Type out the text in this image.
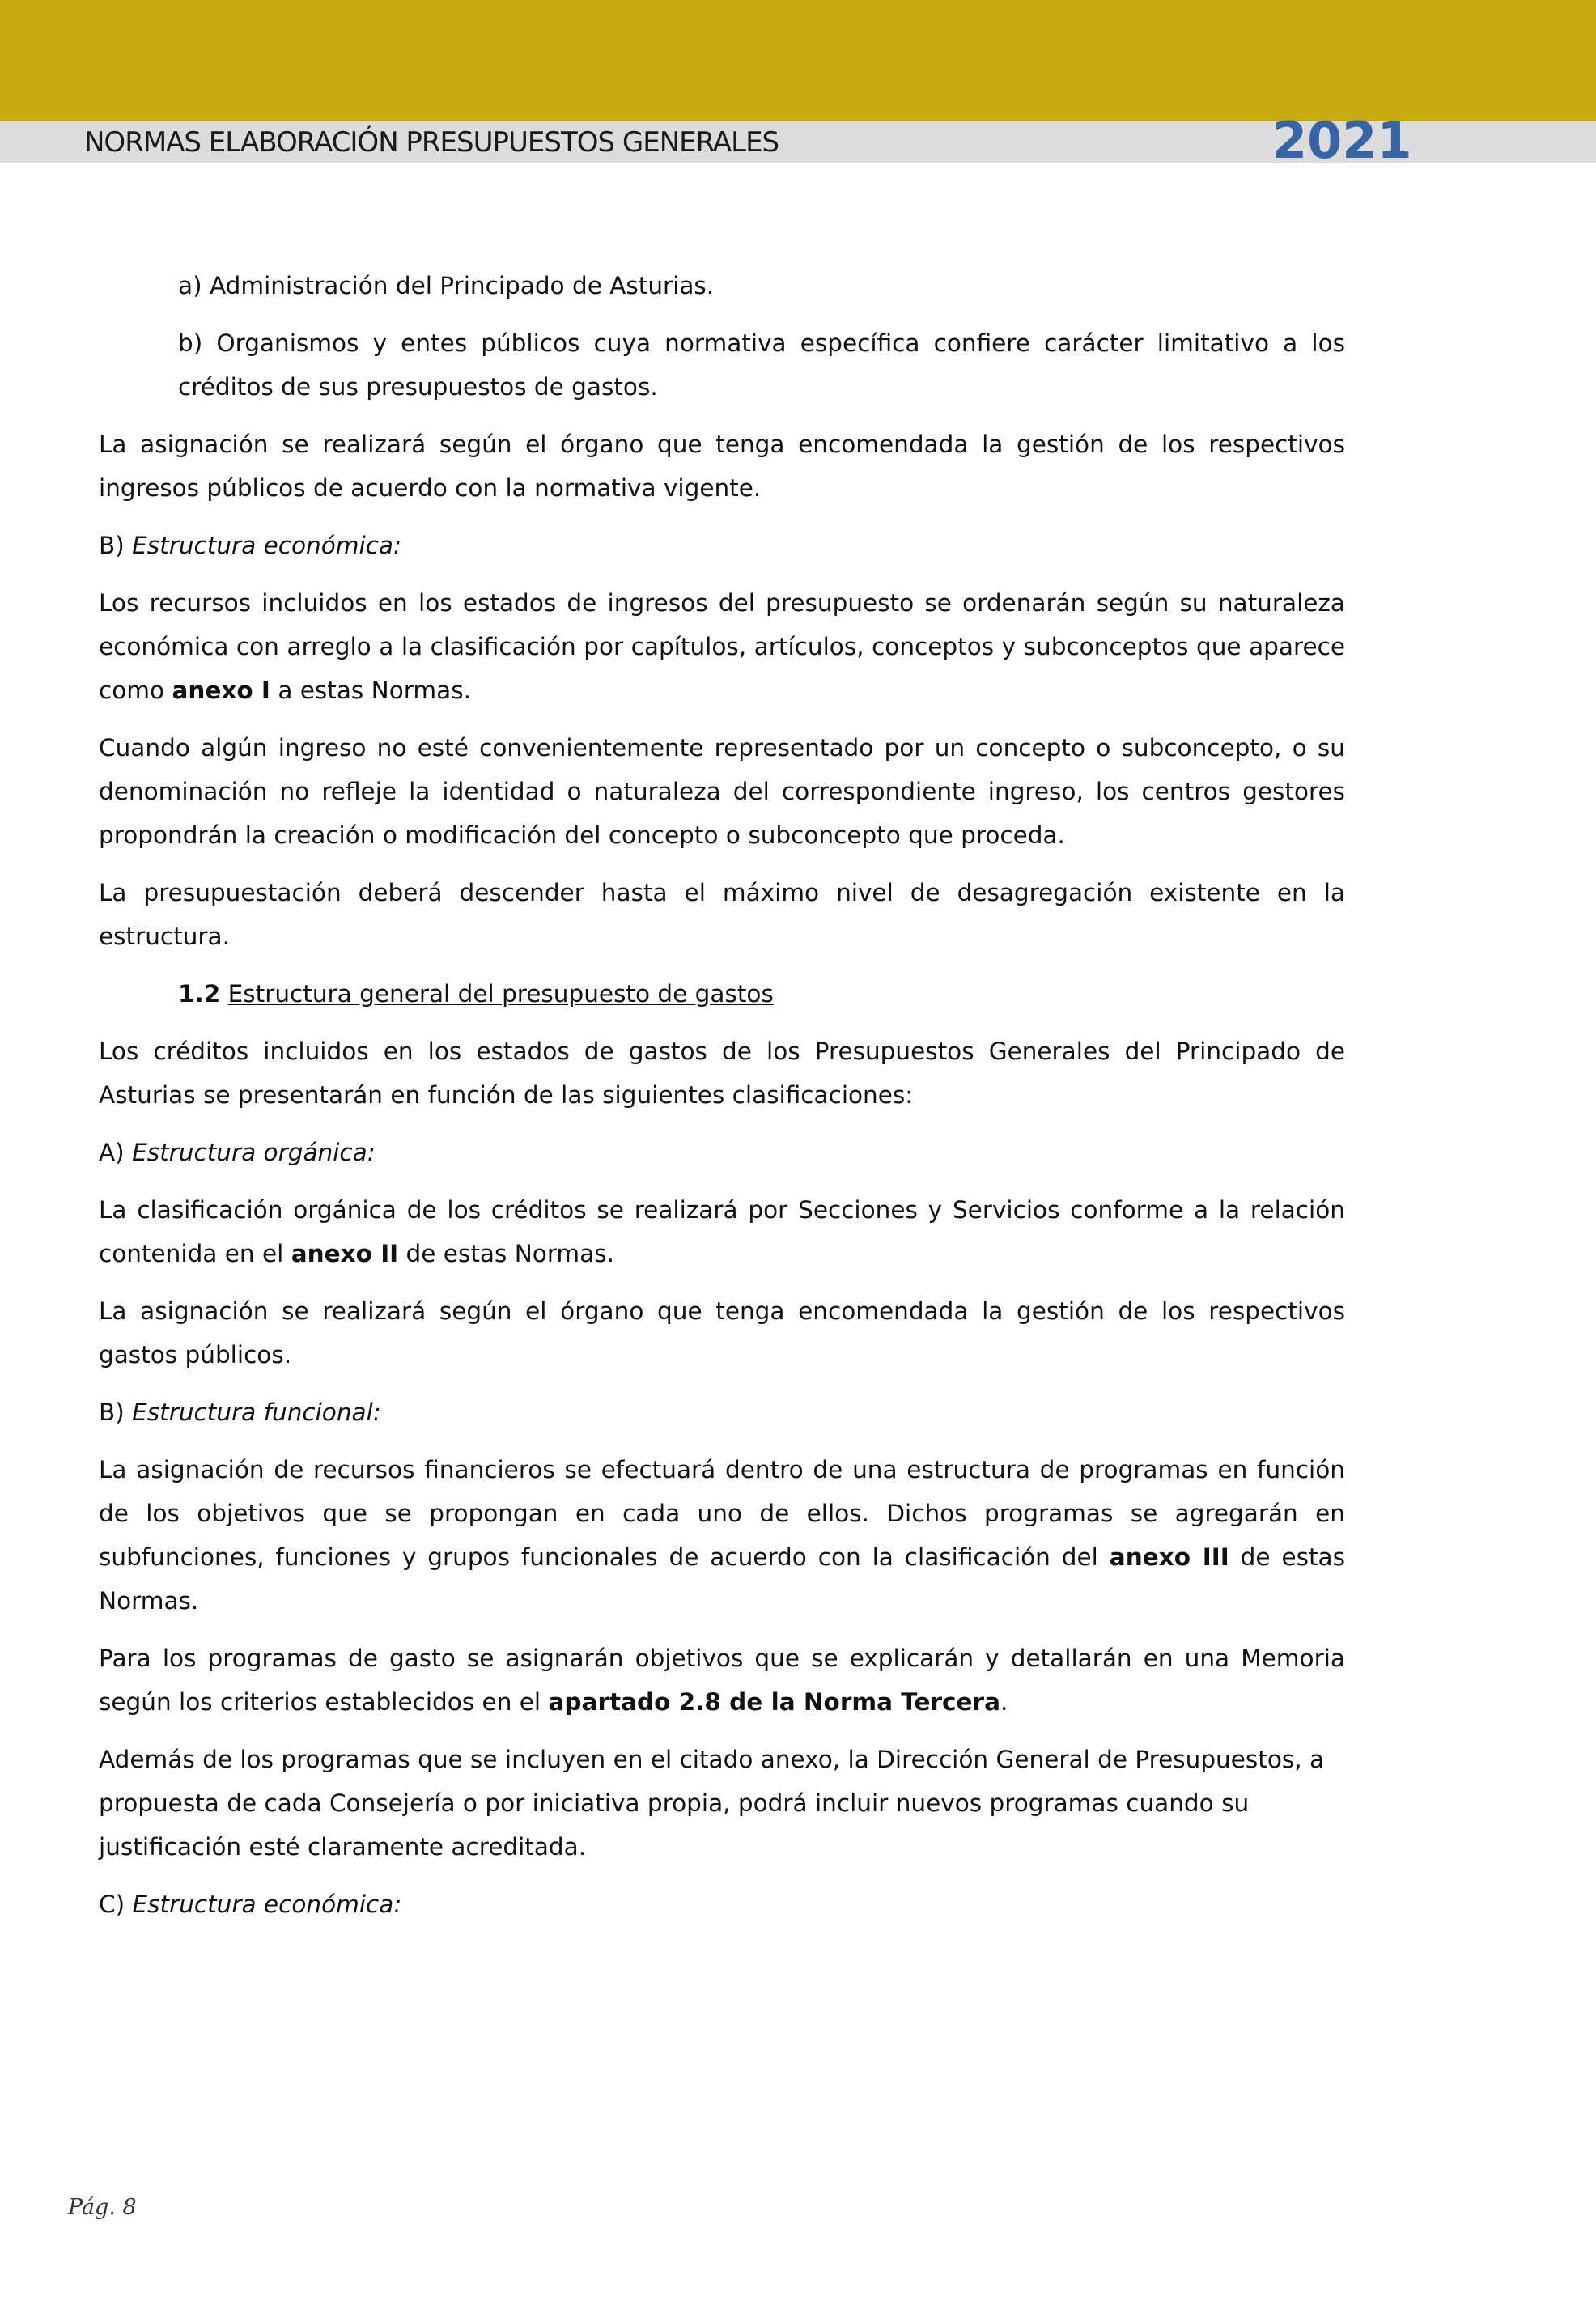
NORMAS ELABORACIÓN PRESUPUESTOS GENERALES	2021

a) Administración del Principado de Asturias.

b) Organismos y entes públicos cuya normativa específica confiere carácter limitativo a los créditos de sus presupuestos de gastos.

La asignación se realizará según el órgano que tenga encomendada la gestión de los respectivos ingresos públicos de acuerdo con la normativa vigente.

B) Estructura económica:

Los recursos incluidos en los estados de ingresos del presupuesto se ordenarán según su naturaleza económica con arreglo a la clasificación por capítulos, artículos, conceptos y subconceptos que aparece como anexo I a estas Normas.

Cuando algún ingreso no esté convenientemente representado por un concepto o subconcepto, o su denominación no refleje la identidad o naturaleza del correspondiente ingreso, los centros gestores propondrán la creación o modificación del concepto o subconcepto que proceda.

La presupuestación deberá descender hasta el máximo nivel de desagregación existente en la estructura.

1.2 Estructura general del presupuesto de gastos

Los créditos incluidos en los estados de gastos de los Presupuestos Generales del Principado de Asturias se presentarán en función de las siguientes clasificaciones:

A) Estructura orgánica:

La clasificación orgánica de los créditos se realizará por Secciones y Servicios conforme a la relación contenida en el anexo II de estas Normas.

La asignación se realizará según el órgano que tenga encomendada la gestión de los respectivos gastos públicos.

B) Estructura funcional:

La asignación de recursos financieros se efectuará dentro de una estructura de programas en función de los objetivos que se propongan en cada uno de ellos. Dichos programas se agregarán en subfunciones, funciones y grupos funcionales de acuerdo con la clasificación del anexo III de estas Normas.

Para los programas de gasto se asignarán objetivos que se explicarán y detallarán en una Memoria según los criterios establecidos en el apartado 2.8 de la Norma Tercera.

Además de los programas que se incluyen en el citado anexo, la Dirección General de Presupuestos, a propuesta de cada Consejería o por iniciativa propia, podrá incluir nuevos programas cuando su justificación esté claramente acreditada.

C) Estructura económica:

Pág. 8
